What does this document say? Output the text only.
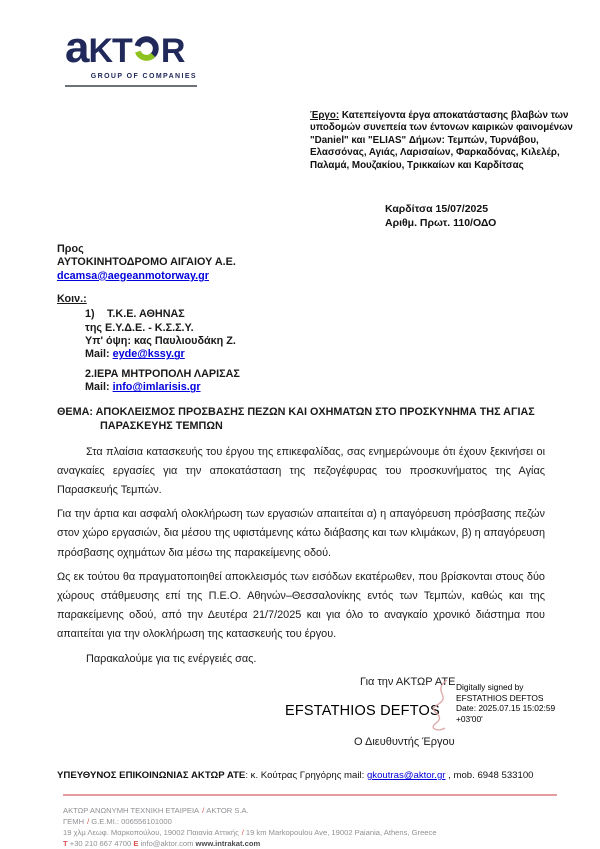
a KT R
GROUP OF COMPANIES
Έργο: Κατεπείγοντα έργα αποκατάστασης βλαβών των υποδομών συνεπεία των έντονων καιρικών φαινομένων "Daniel" και "ELIAS" Δήμων: Τεμπών, Τυρνάβου, Ελασσόνας, Αγιάς, Λαρισαίων, Φαρκαδόνας, Κιλελέρ, Παλαμά, Μουζακίου, Τρικκαίων και Καρδίτσας
Καρδίτσα 15/07/2025
Αριθμ. Πρωτ. 110/ΟΔΟ
Προς
ΑΥΤΟΚΙΝΗΤΟΔΡΟΜΟ ΑΙΓΑΙΟΥ Α.Ε.
dcamsa@aegeanmotorway.gr
Κοιν.:
1) Τ.Κ.Ε. ΑΘΗΝΑΣ
της Ε.Υ.Δ.Ε. - Κ.Σ.Σ.Υ.
Υπ' όψη: κας Παυλιουδάκη Ζ.
Mail: eyde@kssy.gr
2.ΙΕΡΑ ΜΗΤΡΟΠΟΛΗ ΛΑΡΙΣΑΣ
Mail: info@imlarisis.gr
ΘΕΜΑ: ΑΠΟΚΛΕΙΣΜΟΣ ΠΡΟΣΒΑΣΗΣ ΠΕΖΩΝ ΚΑΙ ΟΧΗΜΑΤΩΝ ΣΤΟ ΠΡΟΣΚΥΝΗΜΑ ΤΗΣ ΑΓΙΑΣ ΠΑΡΑΣΚΕΥΗΣ ΤΕΜΠΩΝ

Στα πλαίσια κατασκευής του έργου της επικεφαλίδας, σας ενημερώνουμε ότι έχουν ξεκινήσει οι αναγκαίες εργασίες για την αποκατάσταση της πεζογέφυρας του προσκυνήματος της Αγίας Παρασκευής Τεμπών.

Για την άρτια και ασφαλή ολοκλήρωση των εργασιών απαιτείται α) η απαγόρευση πρόσβασης πεζών στον χώρο εργασιών, δια μέσου της υφιστάμενης κάτω διάβασης και των κλιμάκων, β) η απαγόρευση πρόσβασης οχημάτων δια μέσω της παρακείμενης οδού.

Ως εκ τούτου θα πραγματοποιηθεί αποκλεισμός των εισόδων εκατέρωθεν, που βρίσκονται στους δύο χώρους στάθμευσης επί της Π.Ε.Ο. Αθηνών–Θεσσαλονίκης εντός των Τεμπών, καθώς και της παρακείμενης οδού, από την Δευτέρα 21/7/2025 και για όλο το αναγκαίο χρονικό διάστημα που απαιτείται για την ολοκλήρωση της κατασκευής του έργου.

Παρακαλούμε για τις ενέργειές σας.

Για την ΑΚΤΩΡ ΑΤΕ
EFSTATHIOS DEFTOS
Digitally signed by
EFSTATHIOS DEFTOS
Date: 2025.07.15 15:02:59
+03'00'
Ο Διευθυντής Έργου
ΥΠΕΥΘΥΝΟΣ ΕΠΙΚΟΙΝΩΝΙΑΣ ΑΚΤΩΡ ΑΤΕ: κ. Κούτρας Γρηγόρης mail: gkoutras@aktor.gr , mob. 6948 533100
ΑΚΤΩΡ ΑΝΩΝΥΜΗ ΤΕΧΝΙΚΗ ΕΤΑΙΡΕΙΑ / AKTOR S.A.
ΓΕΜΗ / G.E.MI.: 006556101000
19 χλμ Λεωφ. Μαρκοπούλου, 19002 Παιανία Αττικής / 19 km Markopoulou Ave, 19002 Paiania, Athens, Greece
T +30 210 667 4700 E info@aktor.com www.intrakat.com
